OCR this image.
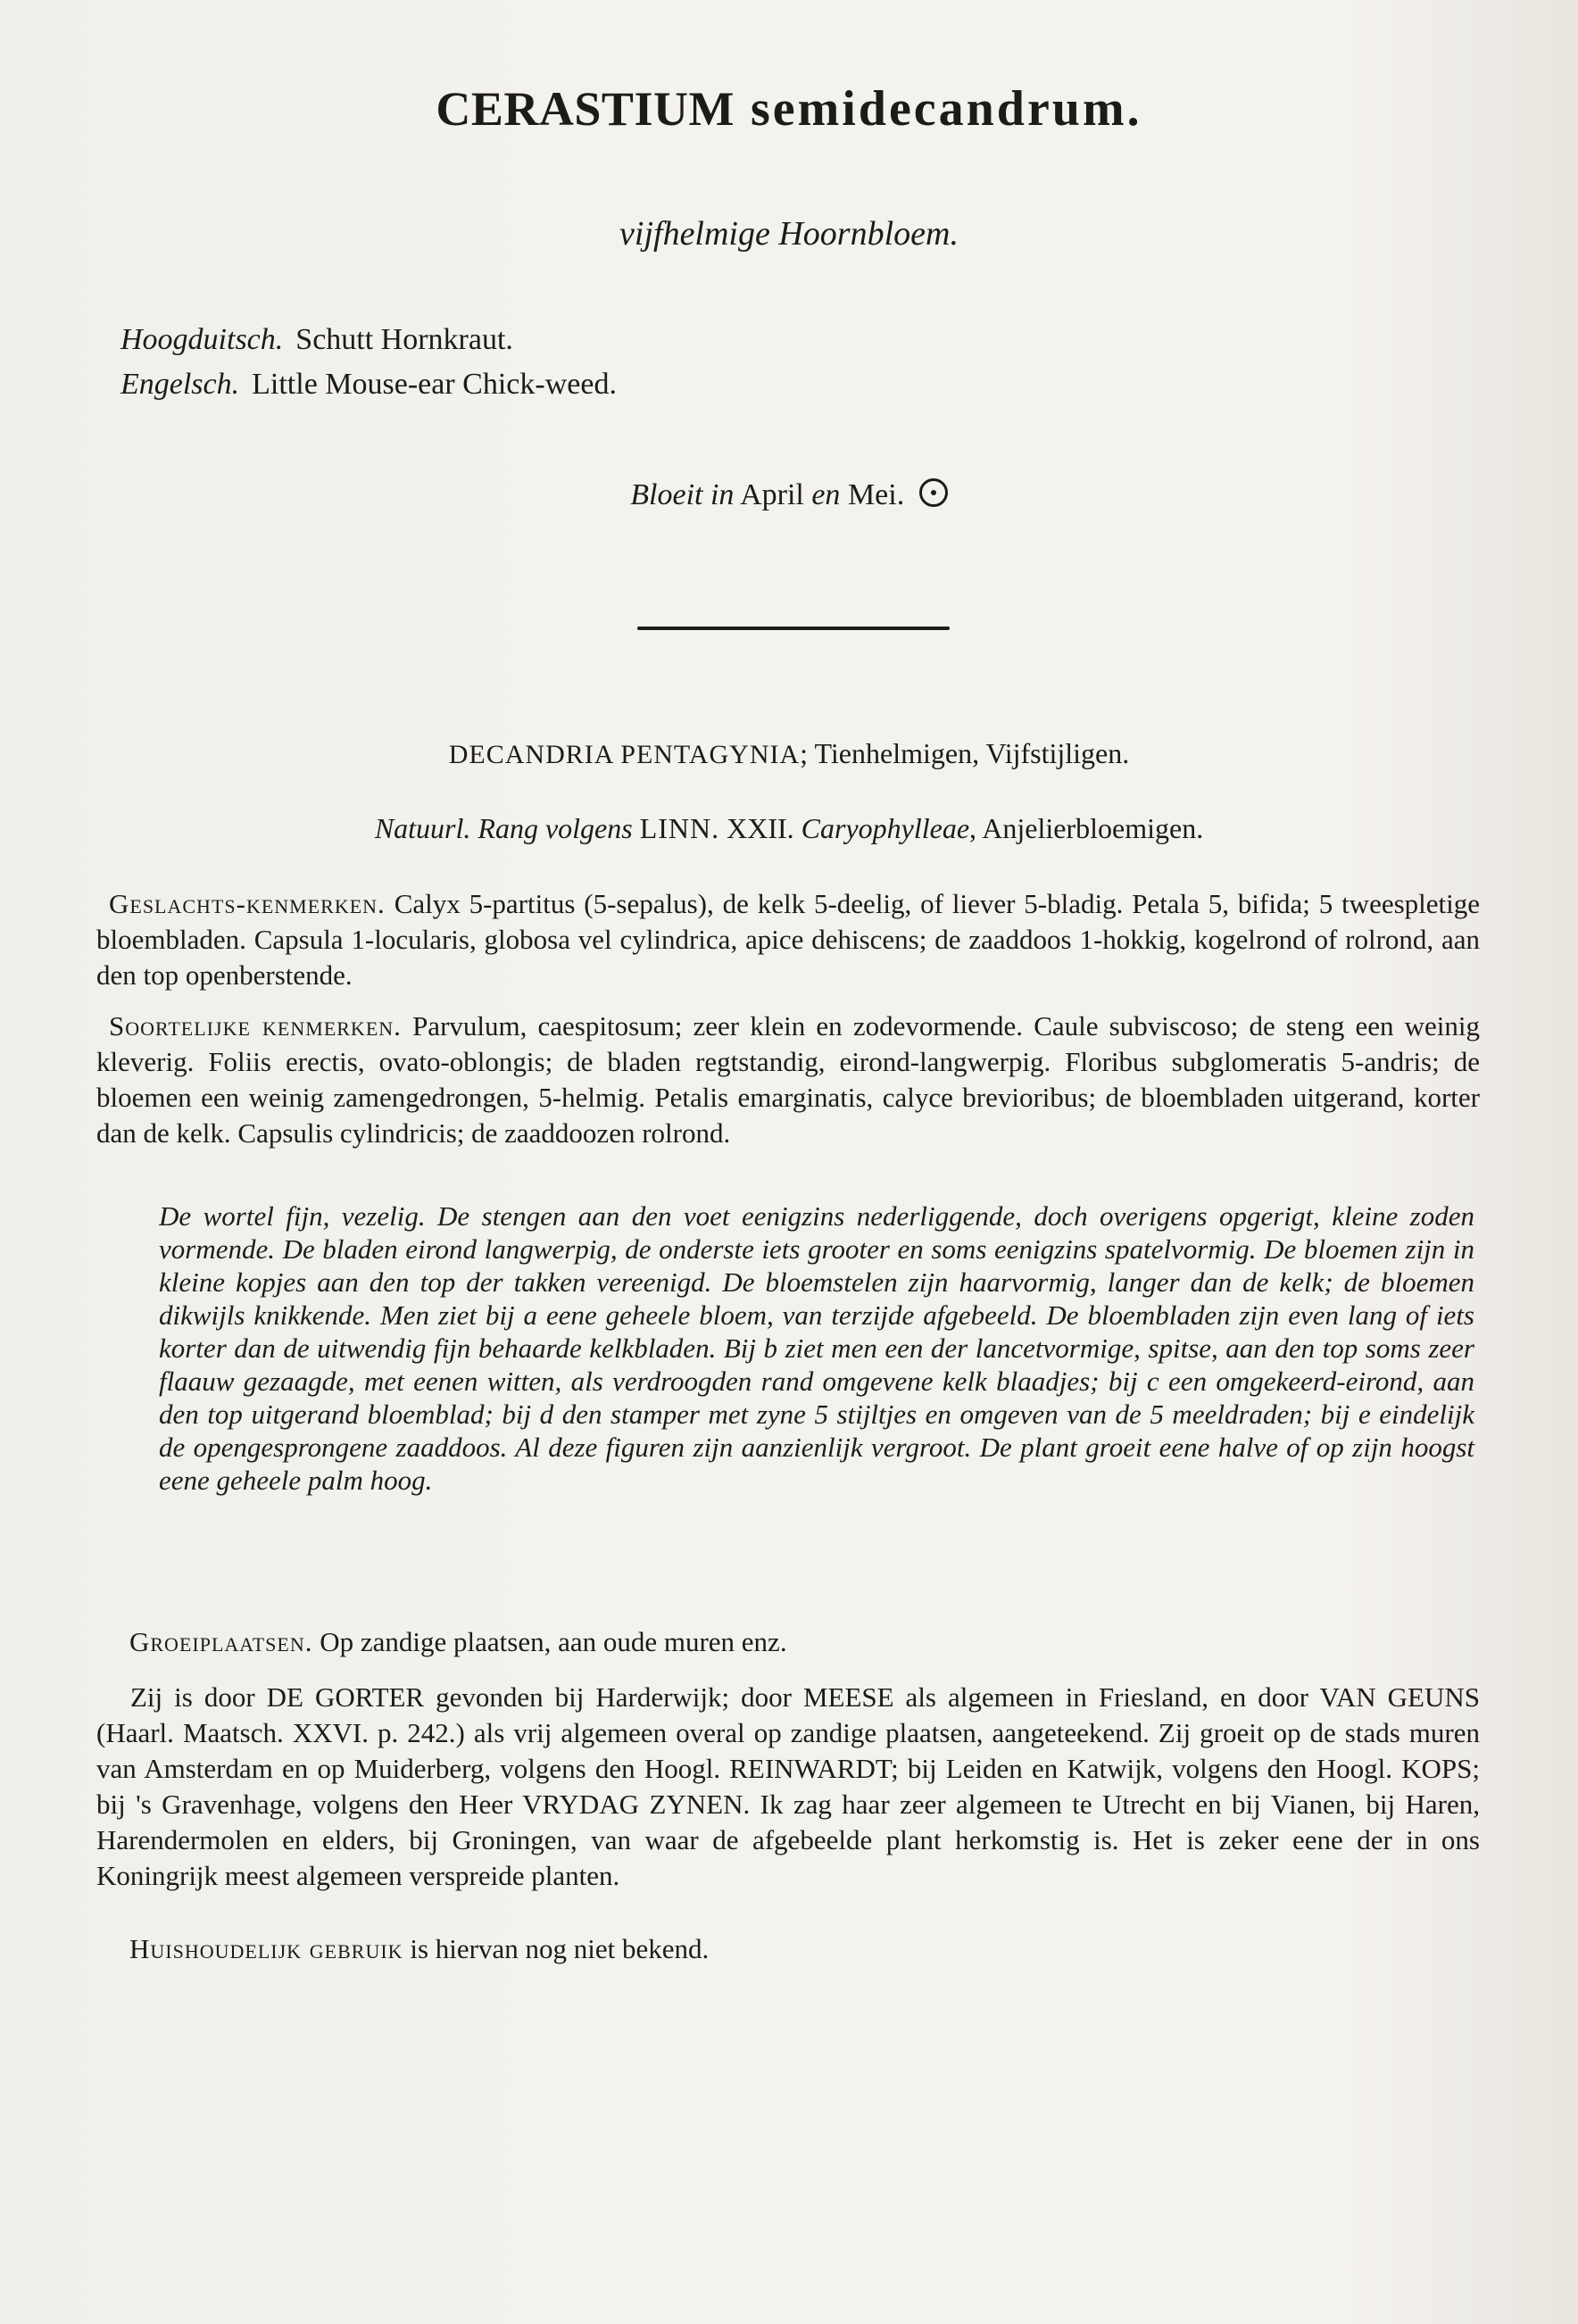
CERASTIUM semidecandrum.
vijfhelmige Hoornbloem.
Hoogduitsch. Schutt Hornkraut.
Engelsch. Little Mouse-ear Chick-weed.
Bloeit in April en Mei.
DECANDRIA PENTAGYNIA; Tienhelmigen, Vijfstijligen.
Natuurl. Rang volgens LINN. XXII. Caryophylleae, Anjelierbloemigen.
Geslachts-kenmerken. Calyx 5-partitus (5-sepalus), de kelk 5-deelig, of liever 5-bladig. Petala 5, bifida; 5 tweespletige bloembladen. Capsula 1-locularis, globosa vel cylindrica, apice dehiscens; de zaaddoos 1-hokkig, kogelrond of rolrond, aan den top openberstende.
Soortelijke kenmerken. Parvulum, caespitosum; zeer klein en zodevormende. Caule subviscoso; de steng een weinig kleverig. Foliis erectis, ovato-oblongis; de bladen regtstandig, eirond-langwerpig. Floribus subglomeratis 5-andris; de bloemen een weinig zamengedrongen, 5-helmig. Petalis emarginatis, calyce brevioribus; de bloembladen uitgerand, korter dan de kelk. Capsulis cylindricis; de zaaddoozen rolrond.
De wortel fijn, vezelig. De stengen aan den voet eenigzins nederliggende, doch overigens opgerigt, kleine zoden vormende. De bladen eirond langwerpig, de onderste iets grooter en soms eenigzins spatelvormig. De bloemen zijn in kleine kopjes aan den top der takken vereenigd. De bloemstelen zijn haarvormig, langer dan de kelk; de bloemen dikwijls knikkende. Men ziet bij a eene geheele bloem, van terzijde afgebeeld. De bloembladen zijn even lang of iets korter dan de uitwendig fijn behaarde kelkbladen. Bij b ziet men een der lancetvormige, spitse, aan den top soms zeer flaauw gezaagde, met eenen witten, als verdroogden rand omgevene kelk blaadjes; bij c een omgekeerd-eirond, aan den top uitgerand bloemblad; bij d den stamper met zyne 5 stijltjes en omgeven van de 5 meeldraden; bij e eindelijk de opengesprongene zaaddoos. Al deze figuren zijn aanzienlijk vergroot. De plant groeit eene halve of op zijn hoogst eene geheele palm hoog.
Groeiplaatsen. Op zandige plaatsen, aan oude muren enz.
Zij is door DE GORTER gevonden bij Harderwijk; door MEESE als algemeen in Friesland, en door VAN GEUNS (Haarl. Maatsch. XXVI. p. 242.) als vrij algemeen overal op zandige plaatsen, aangeteekend. Zij groeit op de stads muren van Amsterdam en op Muiderberg, volgens den Hoogl. REINWARDT; bij Leiden en Katwijk, volgens den Hoogl. KOPS; bij 's Gravenhage, volgens den Heer VRYDAG ZYNEN. Ik zag haar zeer algemeen te Utrecht en bij Vianen, bij Haren, Harendermolen en elders, bij Groningen, van waar de afgebeelde plant herkomstig is. Het is zeker eene der in ons Koningrijk meest algemeen verspreide planten.
Huishoudelijk gebruik is hiervan nog niet bekend.
